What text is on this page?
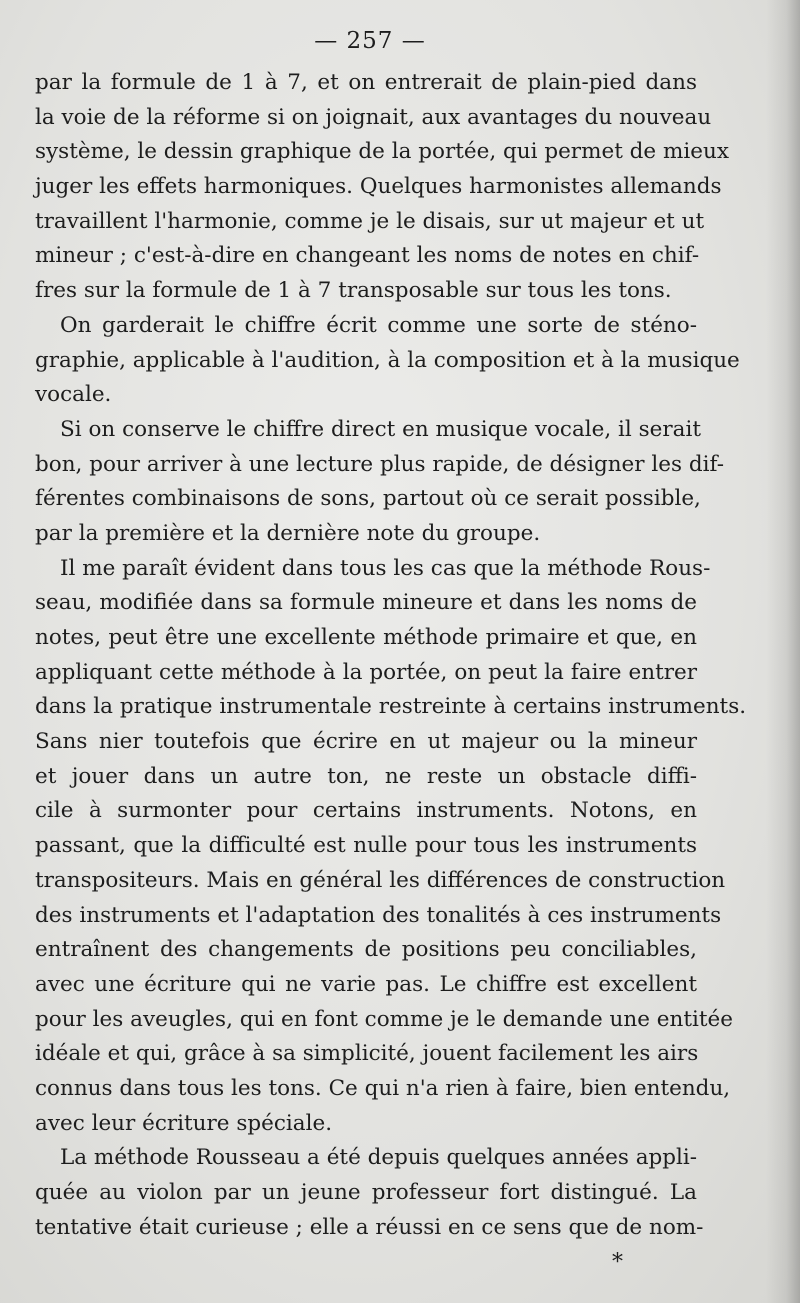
— 257 —
par la formule de 1 à 7, et on entrerait de plain-pied dans
la voie de la réforme si on joignait, aux avantages du nouveau
système, le dessin graphique de la portée, qui permet de mieux
juger les effets harmoniques. Quelques harmonistes allemands
travaillent l'harmonie, comme je le disais, sur ut majeur et ut
mineur ; c'est-à-dire en changeant les noms de notes en chif-
fres sur la formule de 1 à 7 transposable sur tous les tons.
On garderait le chiffre écrit comme une sorte de sténo-
graphie, applicable à l'audition, à la composition et à la musique
vocale.
Si on conserve le chiffre direct en musique vocale, il serait
bon, pour arriver à une lecture plus rapide, de désigner les dif-
férentes combinaisons de sons, partout où ce serait possible,
par la première et la dernière note du groupe.
Il me paraît évident dans tous les cas que la méthode Rous-
seau, modifiée dans sa formule mineure et dans les noms de
notes, peut être une excellente méthode primaire et que, en
appliquant cette méthode à la portée, on peut la faire entrer
dans la pratique instrumentale restreinte à certains instruments.
Sans nier toutefois que écrire en ut majeur ou la mineur
et jouer dans un autre ton, ne reste un obstacle diffi-
cile à surmonter pour certains instruments. Notons, en
passant, que la difficulté est nulle pour tous les instruments
transpositeurs. Mais en général les différences de construction
des instruments et l'adaptation des tonalités à ces instruments
entraînent des changements de positions peu conciliables,
avec une écriture qui ne varie pas. Le chiffre est excellent
pour les aveugles, qui en font comme je le demande une entitée
idéale et qui, grâce à sa simplicité, jouent facilement les airs
connus dans tous les tons. Ce qui n'a rien à faire, bien entendu,
avec leur écriture spéciale.
La méthode Rousseau a été depuis quelques années appli-
quée au violon par un jeune professeur fort distingué. La
tentative était curieuse ; elle a réussi en ce sens que de nom-
*
